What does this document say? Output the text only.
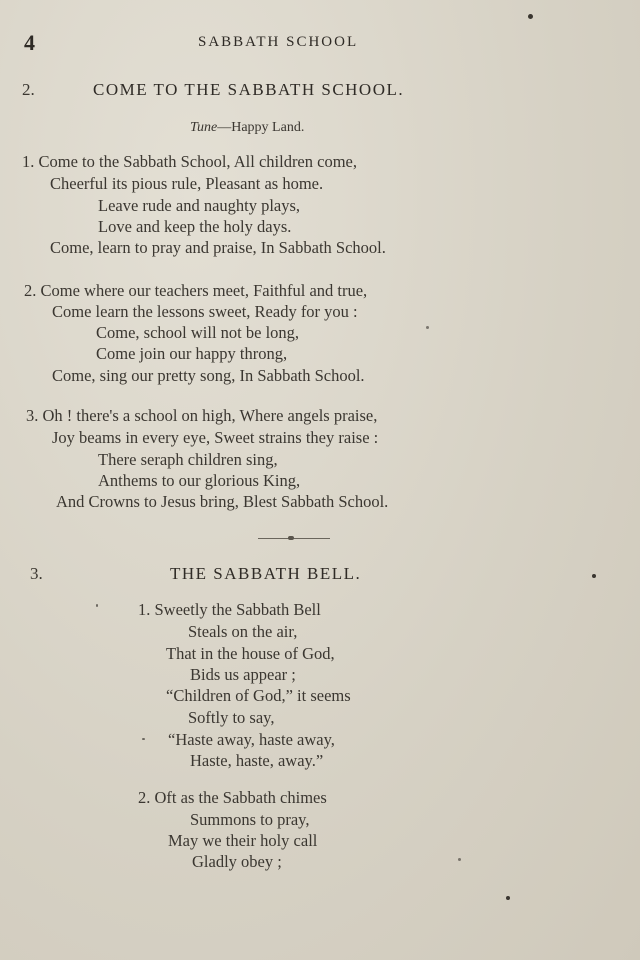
4	SABBATH SCHOOL
2.	COME TO THE SABBATH SCHOOL.
Tune—Happy Land.
1. Come to the Sabbath School, All children come,
Cheerful its pious rule, Pleasant as home.
Leave rude and naughty plays,
Love and keep the holy days.
Come, learn to pray and praise, In Sabbath School.
2. Come where our teachers meet, Faithful and true,
Come learn the lessons sweet, Ready for you :
Come, school will not be long,
Come join our happy throng,
Come, sing our pretty song, In Sabbath School.
3. Oh ! there's a school on high, Where angels praise,
Joy beams in every eye, Sweet strains they raise :
There seraph children sing,
Anthems to our glorious King,
And Crowns to Jesus bring, Blest Sabbath School.
3.	THE SABBATH BELL.
1. Sweetly the Sabbath Bell
Steals on the air,
That in the house of God,
Bids us appear ;
“Children of God,” it seems
Softly to say,
“Haste away, haste away,
Haste, haste, away.”
2. Oft as the Sabbath chimes
Summons to pray,
May we their holy call
Gladly obey ;
